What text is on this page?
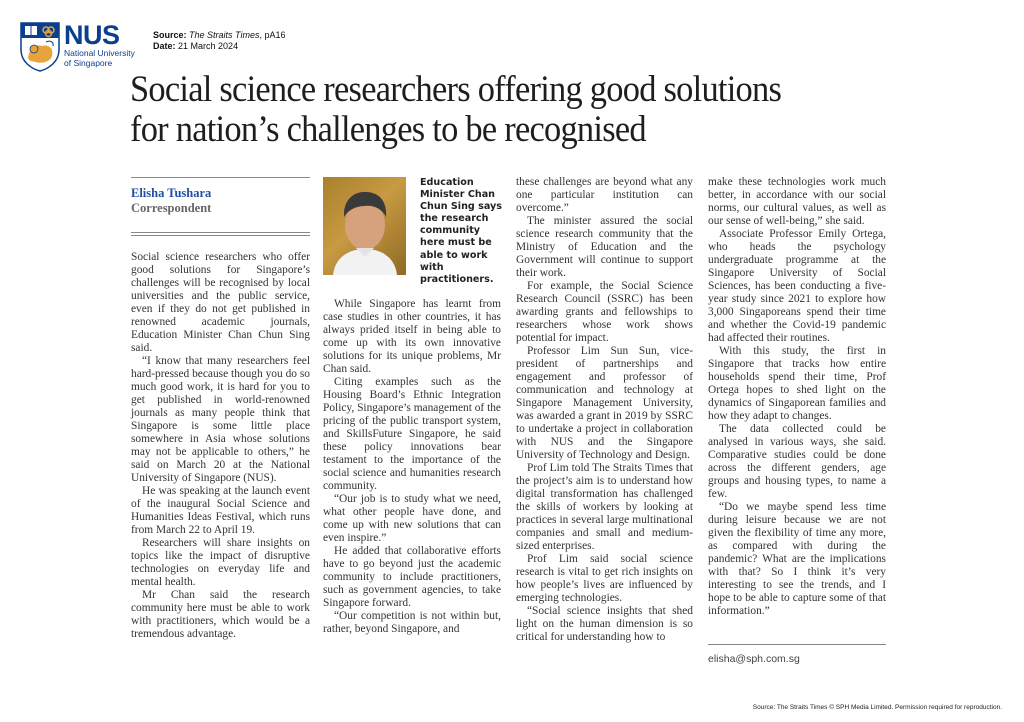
NUS
National University
of Singapore
Source: The Straits Times, pA16
Date: 21 March 2024
Social science researchers offering good solutions
for nation’s challenges to be recognised
Elisha Tushara
Correspondent
Education Minister Chan Chun Sing says the research community here must be able to work with practitioners.

Social science researchers who offer good solutions for Singapore’s challenges will be recognised by local universities and the public service, even if they do not get published in renowned academic journals, Education Minister Chan Chun Sing said.

“I know that many researchers feel hard-pressed because though you do so much good work, it is hard for you to get published in world-renowned journals as many people think that Singapore is some little place somewhere in Asia whose solutions may not be applicable to others,” he said on March 20 at the National University of Singapore (NUS).

He was speaking at the launch event of the inaugural Social Science and Humanities Ideas Festival, which runs from March 22 to April 19.

Researchers will share insights on topics like the impact of disruptive technologies on everyday life and mental health.

Mr Chan said the research community here must be able to work with practitioners, which would be a tremendous advantage.

While Singapore has learnt from case studies in other countries, it has always prided itself in being able to come up with its own innovative solutions for its unique problems, Mr Chan said.

Citing examples such as the Housing Board’s Ethnic Integration Policy, Singapore’s management of the pricing of the public transport system, and SkillsFuture Singapore, he said these policy innovations bear testament to the importance of the social science and humanities research community.

“Our job is to study what we need, what other people have done, and come up with new solutions that can even inspire.”

He added that collaborative efforts have to go beyond just the academic community to include practitioners, such as government agencies, to take Singapore forward.

“Our competition is not within but, rather, beyond Singapore, and

these challenges are beyond what any one particular institution can overcome.”

The minister assured the social science research community that the Ministry of Education and the Government will continue to support their work.

For example, the Social Science Research Council (SSRC) has been awarding grants and fellowships to researchers whose work shows potential for impact.

Professor Lim Sun Sun, vice-president of partnerships and engagement and professor of communication and technology at Singapore Management University, was awarded a grant in 2019 by SSRC to undertake a project in collaboration with NUS and the Singapore University of Technology and Design.

Prof Lim told The Straits Times that the project’s aim is to understand how digital transformation has challenged the skills of workers by looking at practices in several large multinational companies and small and medium-sized enterprises.

Prof Lim said social science research is vital to get rich insights on how people’s lives are influenced by emerging technologies.

“Social science insights that shed light on the human dimension is so critical for understanding how to

make these technologies work much better, in accordance with our social norms, our cultural values, as well as our sense of well-being,” she said.

Associate Professor Emily Ortega, who heads the psychology undergraduate programme at the Singapore University of Social Sciences, has been conducting a five-year study since 2021 to explore how 3,000 Singaporeans spend their time and whether the Covid-19 pandemic had affected their routines.

With this study, the first in Singapore that tracks how entire households spend their time, Prof Ortega hopes to shed light on the dynamics of Singaporean families and how they adapt to changes.

The data collected could be analysed in various ways, she said. Comparative studies could be done across the different genders, age groups and housing types, to name a few.

“Do we maybe spend less time during leisure because we are not given the flexibility of time any more, as compared with during the pandemic? What are the implications with that? So I think it’s very interesting to see the trends, and I hope to be able to capture some of that information.”

elisha@sph.com.sg
Source: The Straits Times © SPH Media Limited. Permission required for reproduction.
